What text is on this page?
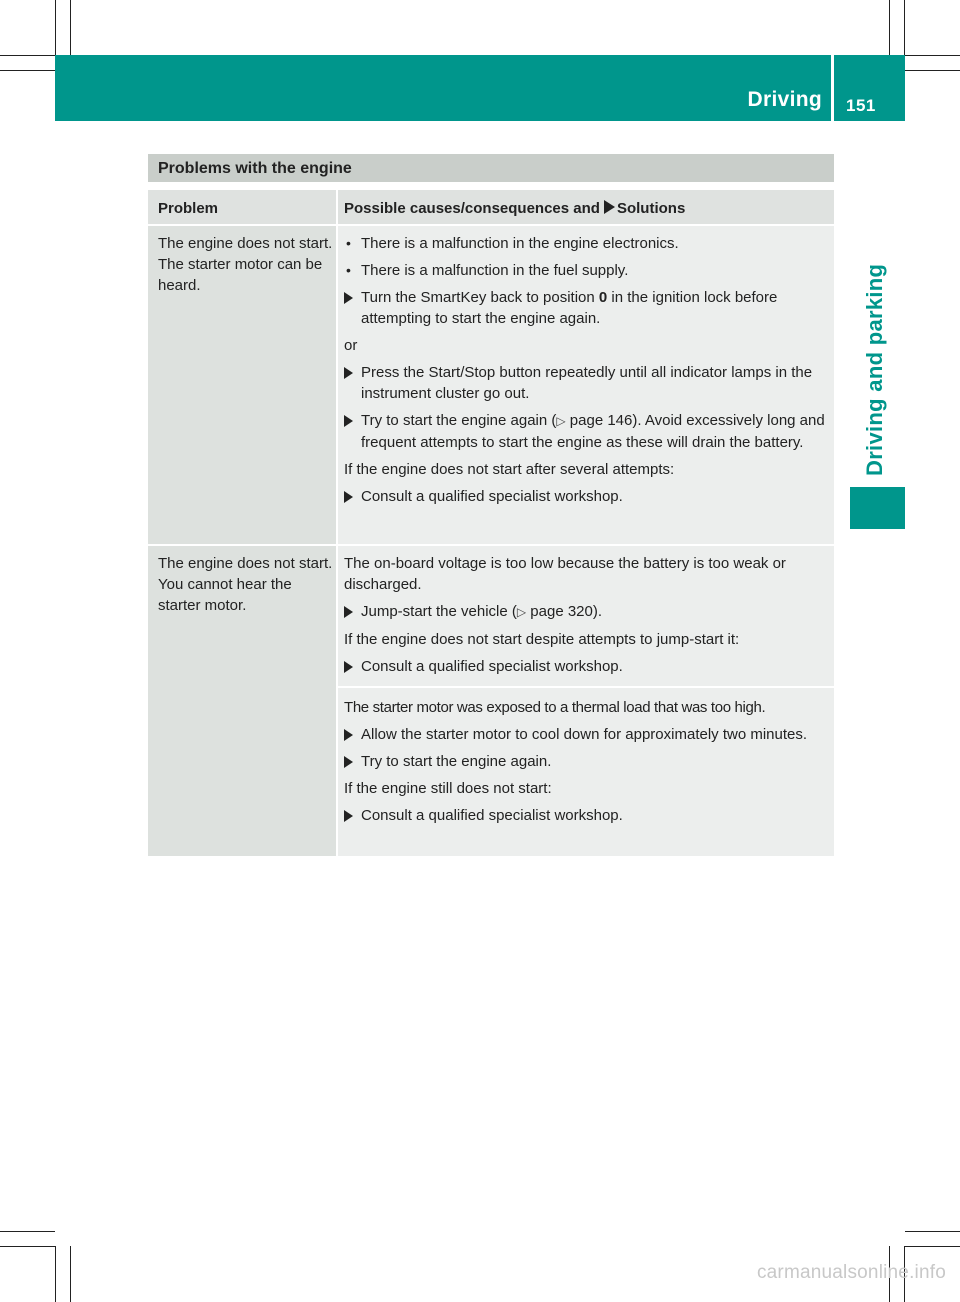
Driving 151
Driving and parking
Problems with the engine
Problem	Possible causes/consequences and Solutions
The engine does not start. The starter motor can be heard.
• There is a malfunction in the engine electronics.
• There is a malfunction in the fuel supply.
Turn the SmartKey back to position 0 in the ignition lock before attempting to start the engine again.
or
Press the Start/Stop button repeatedly until all indicator lamps in the instrument cluster go out.
Try to start the engine again (▷ page 146). Avoid excessively long and frequent attempts to start the engine as these will drain the battery.
If the engine does not start after several attempts:
Consult a qualified specialist workshop.
The engine does not start. You cannot hear the starter motor.
The on-board voltage is too low because the battery is too weak or discharged.
Jump-start the vehicle (▷ page 320).
If the engine does not start despite attempts to jump-start it:
Consult a qualified specialist workshop.
The starter motor was exposed to a thermal load that was too high.
Allow the starter motor to cool down for approximately two minutes.
Try to start the engine again.
If the engine still does not start:
Consult a qualified specialist workshop.
carmanualsonline.info
